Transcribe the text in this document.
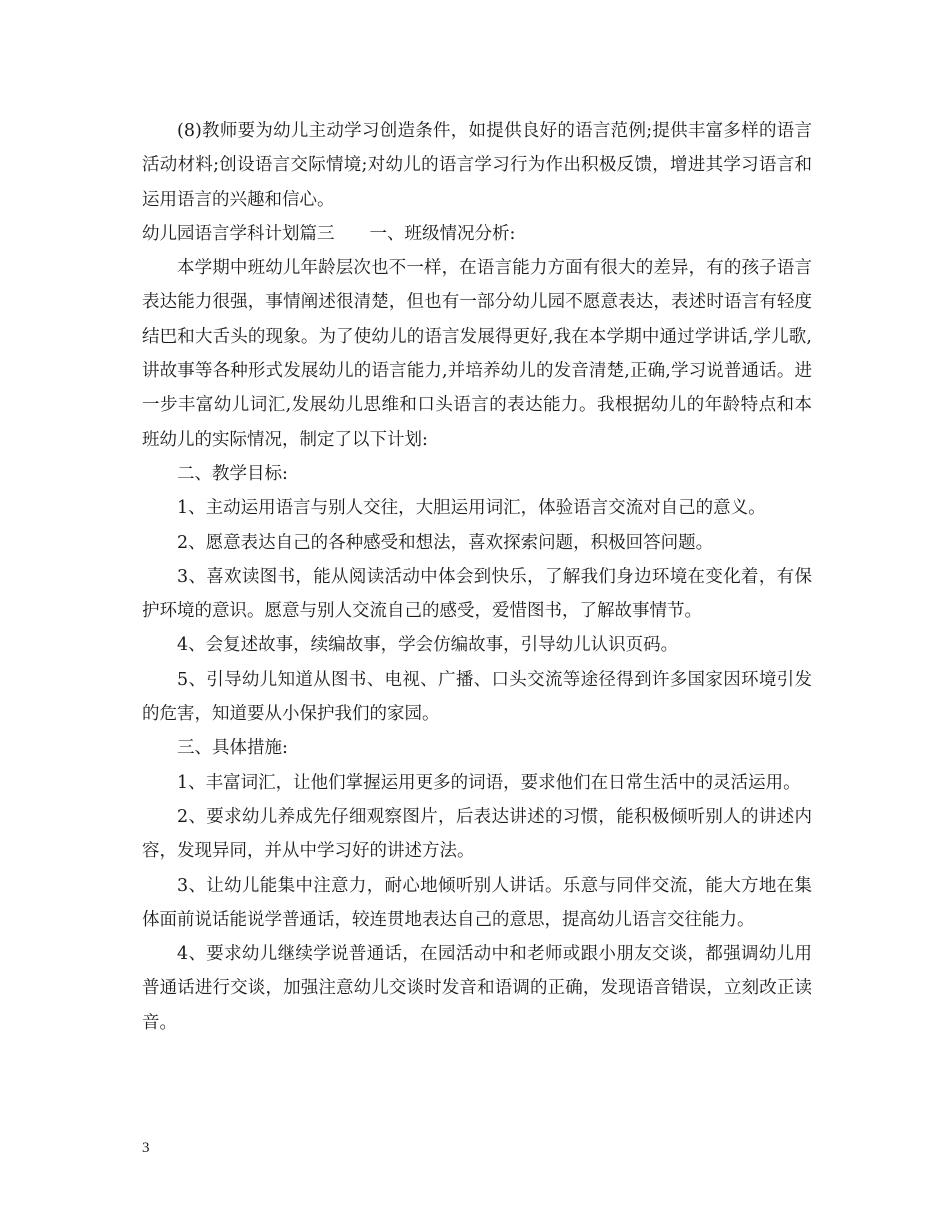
(8)教师要为幼儿主动学习创造条件，如提供良好的语言范例;提供丰富多样的语言活动材料;创设语言交际情境;对幼儿的语言学习行为作出积极反馈，增进其学习语言和运用语言的兴趣和信心。

幼儿园语言学科计划篇三　　一、班级情况分析:

本学期中班幼儿年龄层次也不一样，在语言能力方面有很大的差异，有的孩子语言表达能力很强，事情阐述很清楚，但也有一部分幼儿园不愿意表达，表述时语言有轻度结巴和大舌头的现象。为了使幼儿的语言发展得更好,我在本学期中通过学讲话,学儿歌,讲故事等各种形式发展幼儿的语言能力,并培养幼儿的发音清楚,正确,学习说普通话。进一步丰富幼儿词汇,发展幼儿思维和口头语言的表达能力。我根据幼儿的年龄特点和本班幼儿的实际情况，制定了以下计划:

二、教学目标:

1、主动运用语言与别人交往，大胆运用词汇，体验语言交流对自己的意义。

2、愿意表达自己的各种感受和想法，喜欢探索问题，积极回答问题。

3、喜欢读图书，能从阅读活动中体会到快乐，了解我们身边环境在变化着，有保护环境的意识。愿意与别人交流自己的感受，爱惜图书，了解故事情节。

4、会复述故事，续编故事，学会仿编故事，引导幼儿认识页码。

5、引导幼儿知道从图书、电视、广播、口头交流等途径得到许多国家因环境引发的危害，知道要从小保护我们的家园。

三、具体措施:

1、丰富词汇，让他们掌握运用更多的词语，要求他们在日常生活中的灵活运用。

2、要求幼儿养成先仔细观察图片，后表达讲述的习惯，能积极倾听别人的讲述内容，发现异同，并从中学习好的讲述方法。

3、让幼儿能集中注意力，耐心地倾听别人讲话。乐意与同伴交流，能大方地在集体面前说话能说学普通话，较连贯地表达自己的意思，提高幼儿语言交往能力。

4、要求幼儿继续学说普通话，在园活动中和老师或跟小朋友交谈，都强调幼儿用普通话进行交谈，加强注意幼儿交谈时发音和语调的正确，发现语音错误，立刻改正读音。

3
